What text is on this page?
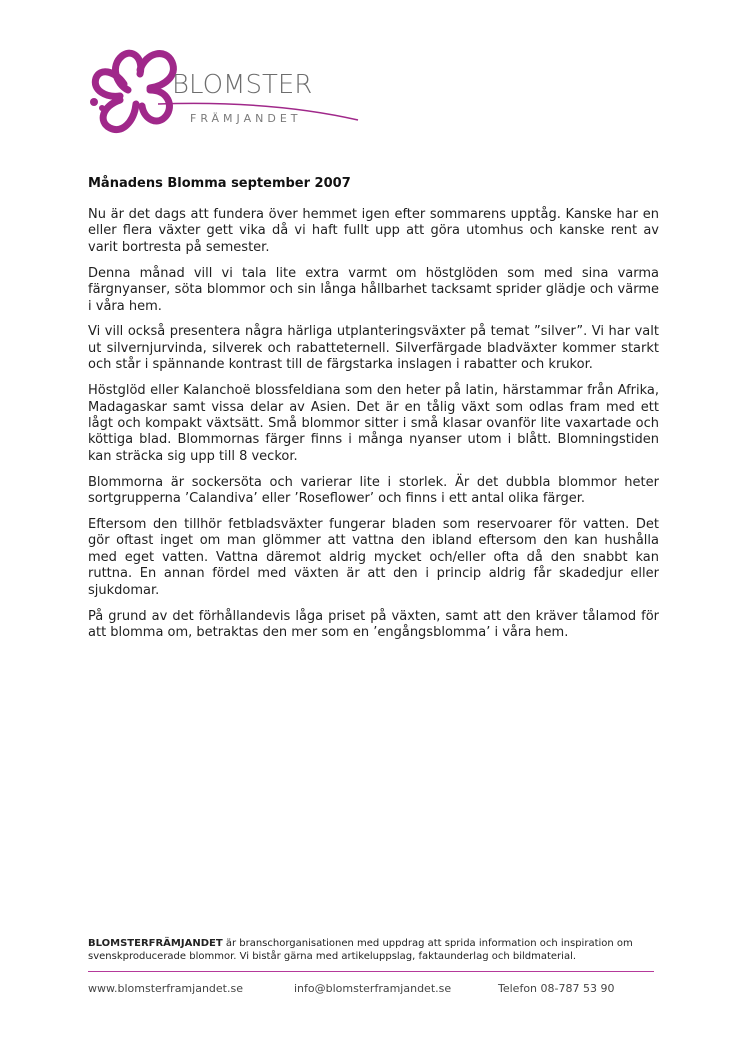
BLOMSTER
FRÄMJANDET
Månadens Blomma september 2007

Nu är det dags att fundera över hemmet igen efter sommarens upptåg. Kanske har en eller flera växter gett vika då vi haft fullt upp att göra utomhus och kanske rent av varit bortresta på semester.

Denna månad vill vi tala lite extra varmt om höstglöden som med sina varma färgnyanser, söta blommor och sin långa hållbarhet tacksamt sprider glädje och värme i våra hem.

Vi vill också presentera några härliga utplanteringsväxter på temat ”silver”. Vi har valt ut silvernjurvinda, silverek och rabatteternell. Silverfärgade bladväxter kommer starkt och står i spännande kontrast till de färgstarka inslagen i rabatter och krukor.

Höstglöd eller Kalanchoë blossfeldiana som den heter på latin, härstammar från Afrika, Madagaskar samt vissa delar av Asien. Det är en tålig växt som odlas fram med ett lågt och kompakt växtsätt. Små blommor sitter i små klasar ovanför lite vaxartade och köttiga blad. Blommornas färger finns i många nyanser utom i blått. Blomningstiden kan sträcka sig upp till 8 veckor.

Blommorna är sockersöta och varierar lite i storlek. Är det dubbla blommor heter sortgrupperna ’Calandiva’ eller ’Roseflower’ och finns i ett antal olika färger.

Eftersom den tillhör fetbladsväxter fungerar bladen som reservoarer för vatten. Det gör oftast inget om man glömmer att vattna den ibland eftersom den kan hushålla med eget vatten. Vattna däremot aldrig mycket och/eller ofta då den snabbt kan ruttna. En annan fördel med växten är att den i princip aldrig får skadedjur eller sjukdomar.

På grund av det förhållandevis låga priset på växten, samt att den kräver tålamod för att blomma om, betraktas den mer som en ’engångsblomma’ i våra hem.

BLOMSTERFRÄMJANDET är branschorganisationen med uppdrag att sprida information och inspiration om svenskproducerade blommor. Vi bistår gärna med artikeluppslag, faktaunderlag och bildmaterial.
www.blomsterframjandet.se	info@blomsterframjandet.se	Telefon 08-787 53 90
